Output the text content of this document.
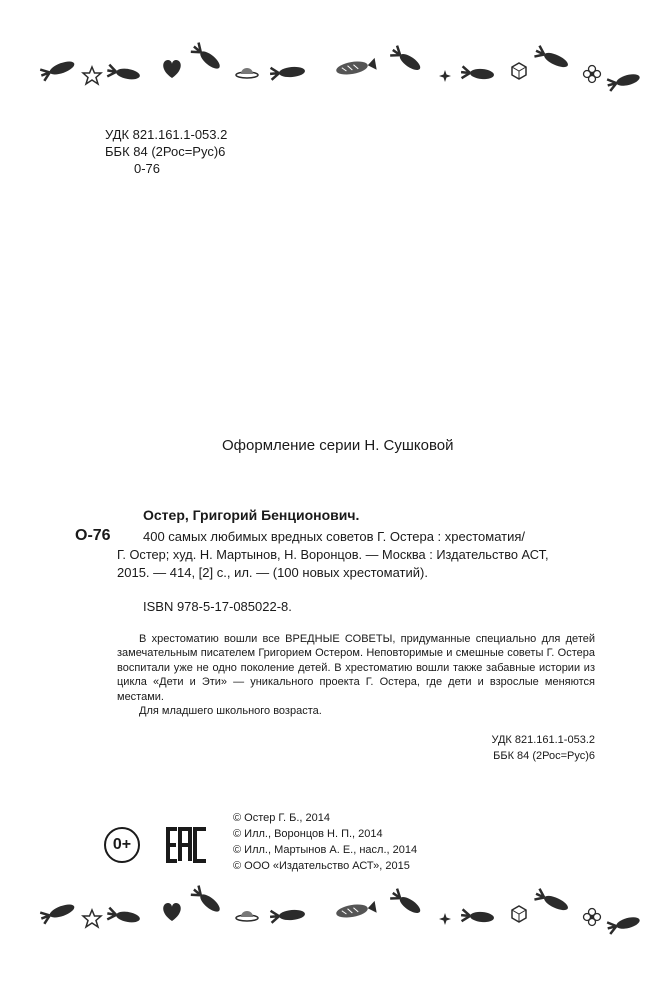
УДК 821.161.1-053.2
ББК 84 (2Рос=Рус)6
0-76
Оформление серии Н. Сушковой
Остер, Григорий Бенционович.
О-76 400 самых любимых вредных советов Г. Остера : хрестоматия/
Г. Остер; худ. Н. Мартынов, Н. Воронцов. — Москва : Издательство АСТ,
2015. — 414, [2] с., ил. — (100 новых хрестоматий).
ISBN 978-5-17-085022-8.

В хрестоматию вошли все ВРЕДНЫЕ СОВЕТЫ, придуманные специально для детей замечательным писателем Григорием Остером. Неповторимые и смешные советы Г. Остера воспитали уже не одно поколение детей. В хрестоматию вошли также забавные истории из цикла «Дети и Эти» — уникального проекта Г. Остера, где дети и взрослые меняются местами.

Для младшего школьного возраста.

УДК 821.161.1-053.2
ББК 84 (2Рос=Рус)6
0+
© Остер Г. Б., 2014
© Илл., Воронцов Н. П., 2014
© Илл., Мартынов А. Е., насл., 2014
© ООО «Издательство АСТ», 2015
